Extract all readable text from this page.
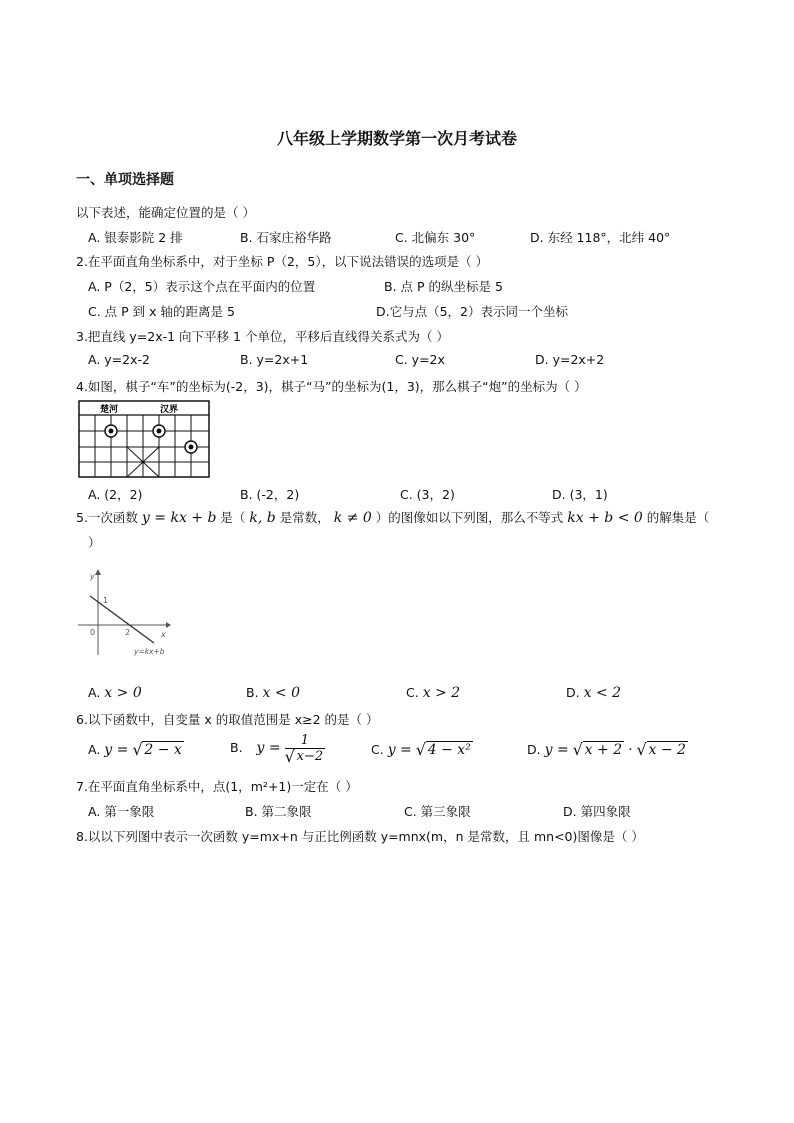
八年级上学期数学第一次月考试卷
一、单项选择题
以下表述，能确定位置的是（ ）
A. 银泰影院 2 排	B. 石家庄裕华路	C. 北偏东 30°	D. 东经 118°，北纬 40°
2.在平面直角坐标系中，对于坐标 P（2，5），以下说法错误的选项是（ ）
A. P（2，5）表示这个点在平面内的位置	B. 点 P 的纵坐标是 5
C. 点 P 到 x 轴的距离是 5	D.它与点（5，2）表示同一个坐标
3.把直线 y=2x-1 向下平移 1 个单位，平移后直线得关系式为（ ）
A. y=2x-2	B. y=2x+1	C. y=2x	D. y=2x+2
4.如图，棋子“车”的坐标为(-2，3)，棋子“马”的坐标为(1，3)，那么棋子“炮”的坐标为（ ）
楚河	汉界
A. (2，2)	B. (-2，2)	C. (3，2)	D. (3，1)
5.一次函数 y = kx + b 是（ k, b 是常数， k ≠ 0 ）的图像如以下列图，那么不等式 kx + b < 0 的解集是（
）
y
x
0
1
2
y=kx+b
A. x > 0	B. x < 0	C. x > 2	D. x < 2
6.以下函数中，自变量 x 的取值范围是 x≥2 的是（ ）
A. y = √ 2 − x	B. $y = \frac{1}{√ x-2}$	C. y = √ 4 − x²	D. y = √ x + 2 · √ x − 2
7.在平面直角坐标系中，点(1，m²+1)一定在（ ）
A. 第一象限	B. 第二象限	C. 第三象限	D. 第四象限
8.以以下列图中表示一次函数 y=mx+n 与正比例函数 y=mnx(m，n 是常数，且 mn<0)图像是（ ）
